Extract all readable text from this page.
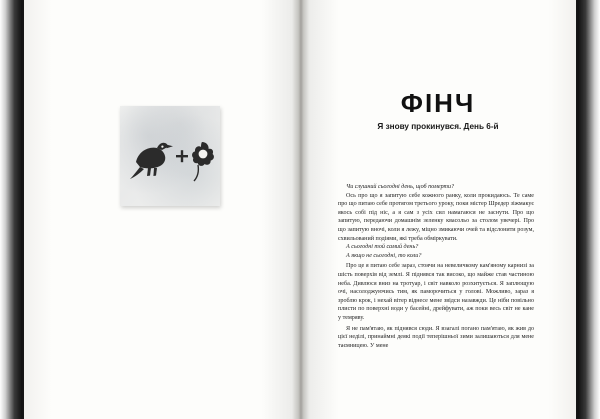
ФІНЧ
Я знову прокинувся. День 6-й

Чи слушний сьогодні день, щоб померти?

Ось про що я запитую себе кожного ранку, коли прокидаюсь. Те саме про що питаю себе протягом третього уроку, поки містер Шредер зіжмакує якось собі під ніс, а я сам з усіх сил намагаюся не заснути. Про що запитую, передаючи домашнім зеленку квасольо за столом увечері. Про що запитую вночі, коли я лежу, міцно змикаючи очей та відслонити розум, схвильований подіями, які треба обміркувати.

А сьогодні той самий день?

А якщо не сьогодні, то коли?

Про це я питаю себе зараз, стоячи на невеличкому кам'яному карнизі за шість поверхів від землі. Я піднявся так високо, що майже став частиною неба. Дивлюся вниз на тротуар, і світ навколо розхитується. Я заплющую очі, насолоджуючись тим, як паморочиться у голові. Можливо, зараз я зроблю крок, і нехай вітер віднесе мене звідси назавжди. Це ніби повільно плисти по поверхні води у басейні, дрейфувати, аж поки весь світ не кане у темряву.

Я не пам'ятаю, як піднявся сюди. Я взагалі погано пам'ятаю, як жив до цієї неділі, принаймні деякі події теперішньої зими залишаються для мене таємницею. У мене
